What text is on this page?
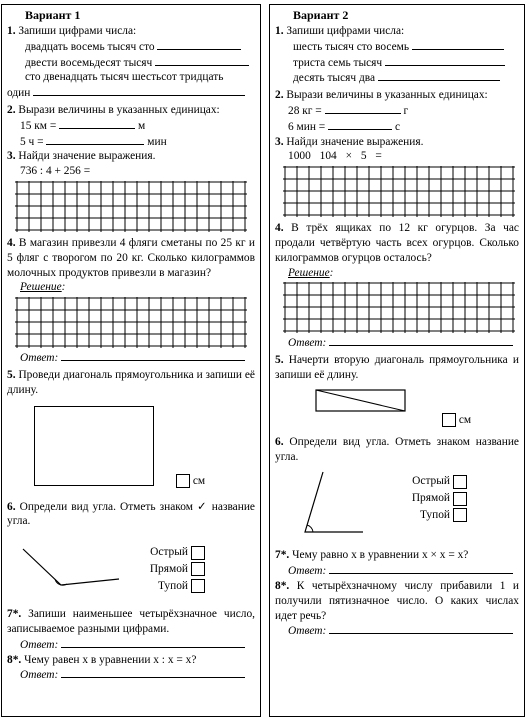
Вариант 1
1. Запиши цифрами числа:
двадцать восемь тысяч сто
двести восемьдесят тысяч
сто двенадцать тысяч шестьсот тридцать
один
2. Вырази величины в указанных единицах:
15 км =	м
5 ч =	мин
3. Найди значение выражения.
736 : 4 + 256 =
4. В магазин привезли 4 фляги сметаны по 25 кг и 5 фляг с творогом по 20 кг. Сколько килограммов молочных продуктов привезли в магазин?
Решение:
Ответ:
5. Проведи диагональ прямоугольника и запиши её длину.
см
6. Определи вид угла. Отметь знаком ✓ название угла.
Острый
Прямой
Тупой
7*. Запиши наименьшее четырёхзначное число, записываемое разными цифрами.
Ответ:
8*. Чему равен x в уравнении x : x = x?
Ответ:
Вариант 2
1. Запиши цифрами числа:
шесть тысяч сто восемь
триста семь тысяч
десять тысяч два
2. Вырази величины в указанных единицах:
28 кг =	г
6 мин =	с
3. Найди значение выражения.
1000 104 × 5 =
4. В трёх ящиках по 12 кг огурцов. За час продали четвёртую часть всех огурцов. Сколько килограммов огурцов осталось?
Решение:
Ответ:
5. Начерти вторую диагональ прямоугольника и запиши её длину.
см
6. Определи вид угла. Отметь знаком название угла.
Острый
Прямой
Тупой
7*. Чему равно x в уравнении x × x = x?
Ответ:
8*. К четырёхзначному числу прибавили 1 и получили пятизначное число. О каких числах идет речь?
Ответ:
